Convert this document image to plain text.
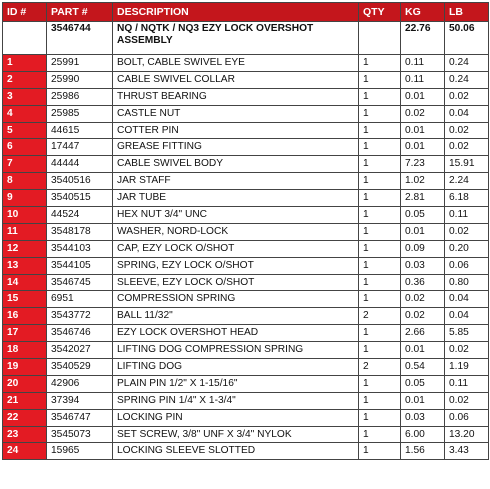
ID #	PART #	DESCRIPTION	QTY	KG	LB
	3546744	NQ / NQTK / NQ3 EZY LOCK OVERSHOT ASSEMBLY		22.76	50.06
1	25991	BOLT, CABLE SWIVEL EYE	1	0.11	0.24
2	25990	CABLE SWIVEL COLLAR	1	0.11	0.24
3	25986	THRUST BEARING	1	0.01	0.02
4	25985	CASTLE NUT	1	0.02	0.04
5	44615	COTTER PIN	1	0.01	0.02
6	17447	GREASE FITTING	1	0.01	0.02
7	44444	CABLE SWIVEL BODY	1	7.23	15.91
8	3540516	JAR STAFF	1	1.02	2.24
9	3540515	JAR TUBE	1	2.81	6.18
10	44524	HEX NUT 3/4" UNC	1	0.05	0.11
11	3548178	WASHER, NORD-LOCK	1	0.01	0.02
12	3544103	CAP, EZY LOCK O/SHOT	1	0.09	0.20
13	3544105	SPRING, EZY LOCK O/SHOT	1	0.03	0.06
14	3546745	SLEEVE, EZY LOCK O/SHOT	1	0.36	0.80
15	6951	COMPRESSION SPRING	1	0.02	0.04
16	3543772	BALL 11/32"	2	0.02	0.04
17	3546746	EZY LOCK OVERSHOT HEAD	1	2.66	5.85
18	3542027	LIFTING DOG COMPRESSION SPRING	1	0.01	0.02
19	3540529	LIFTING DOG	2	0.54	1.19
20	42906	PLAIN PIN 1/2" X 1-15/16"	1	0.05	0.11
21	37394	SPRING PIN 1/4" X 1-3/4"	1	0.01	0.02
22	3546747	LOCKING PIN	1	0.03	0.06
23	3545073	SET SCREW, 3/8" UNF X 3/4" NYLOK	1	6.00	13.20
24	15965	LOCKING SLEEVE SLOTTED	1	1.56	3.43
